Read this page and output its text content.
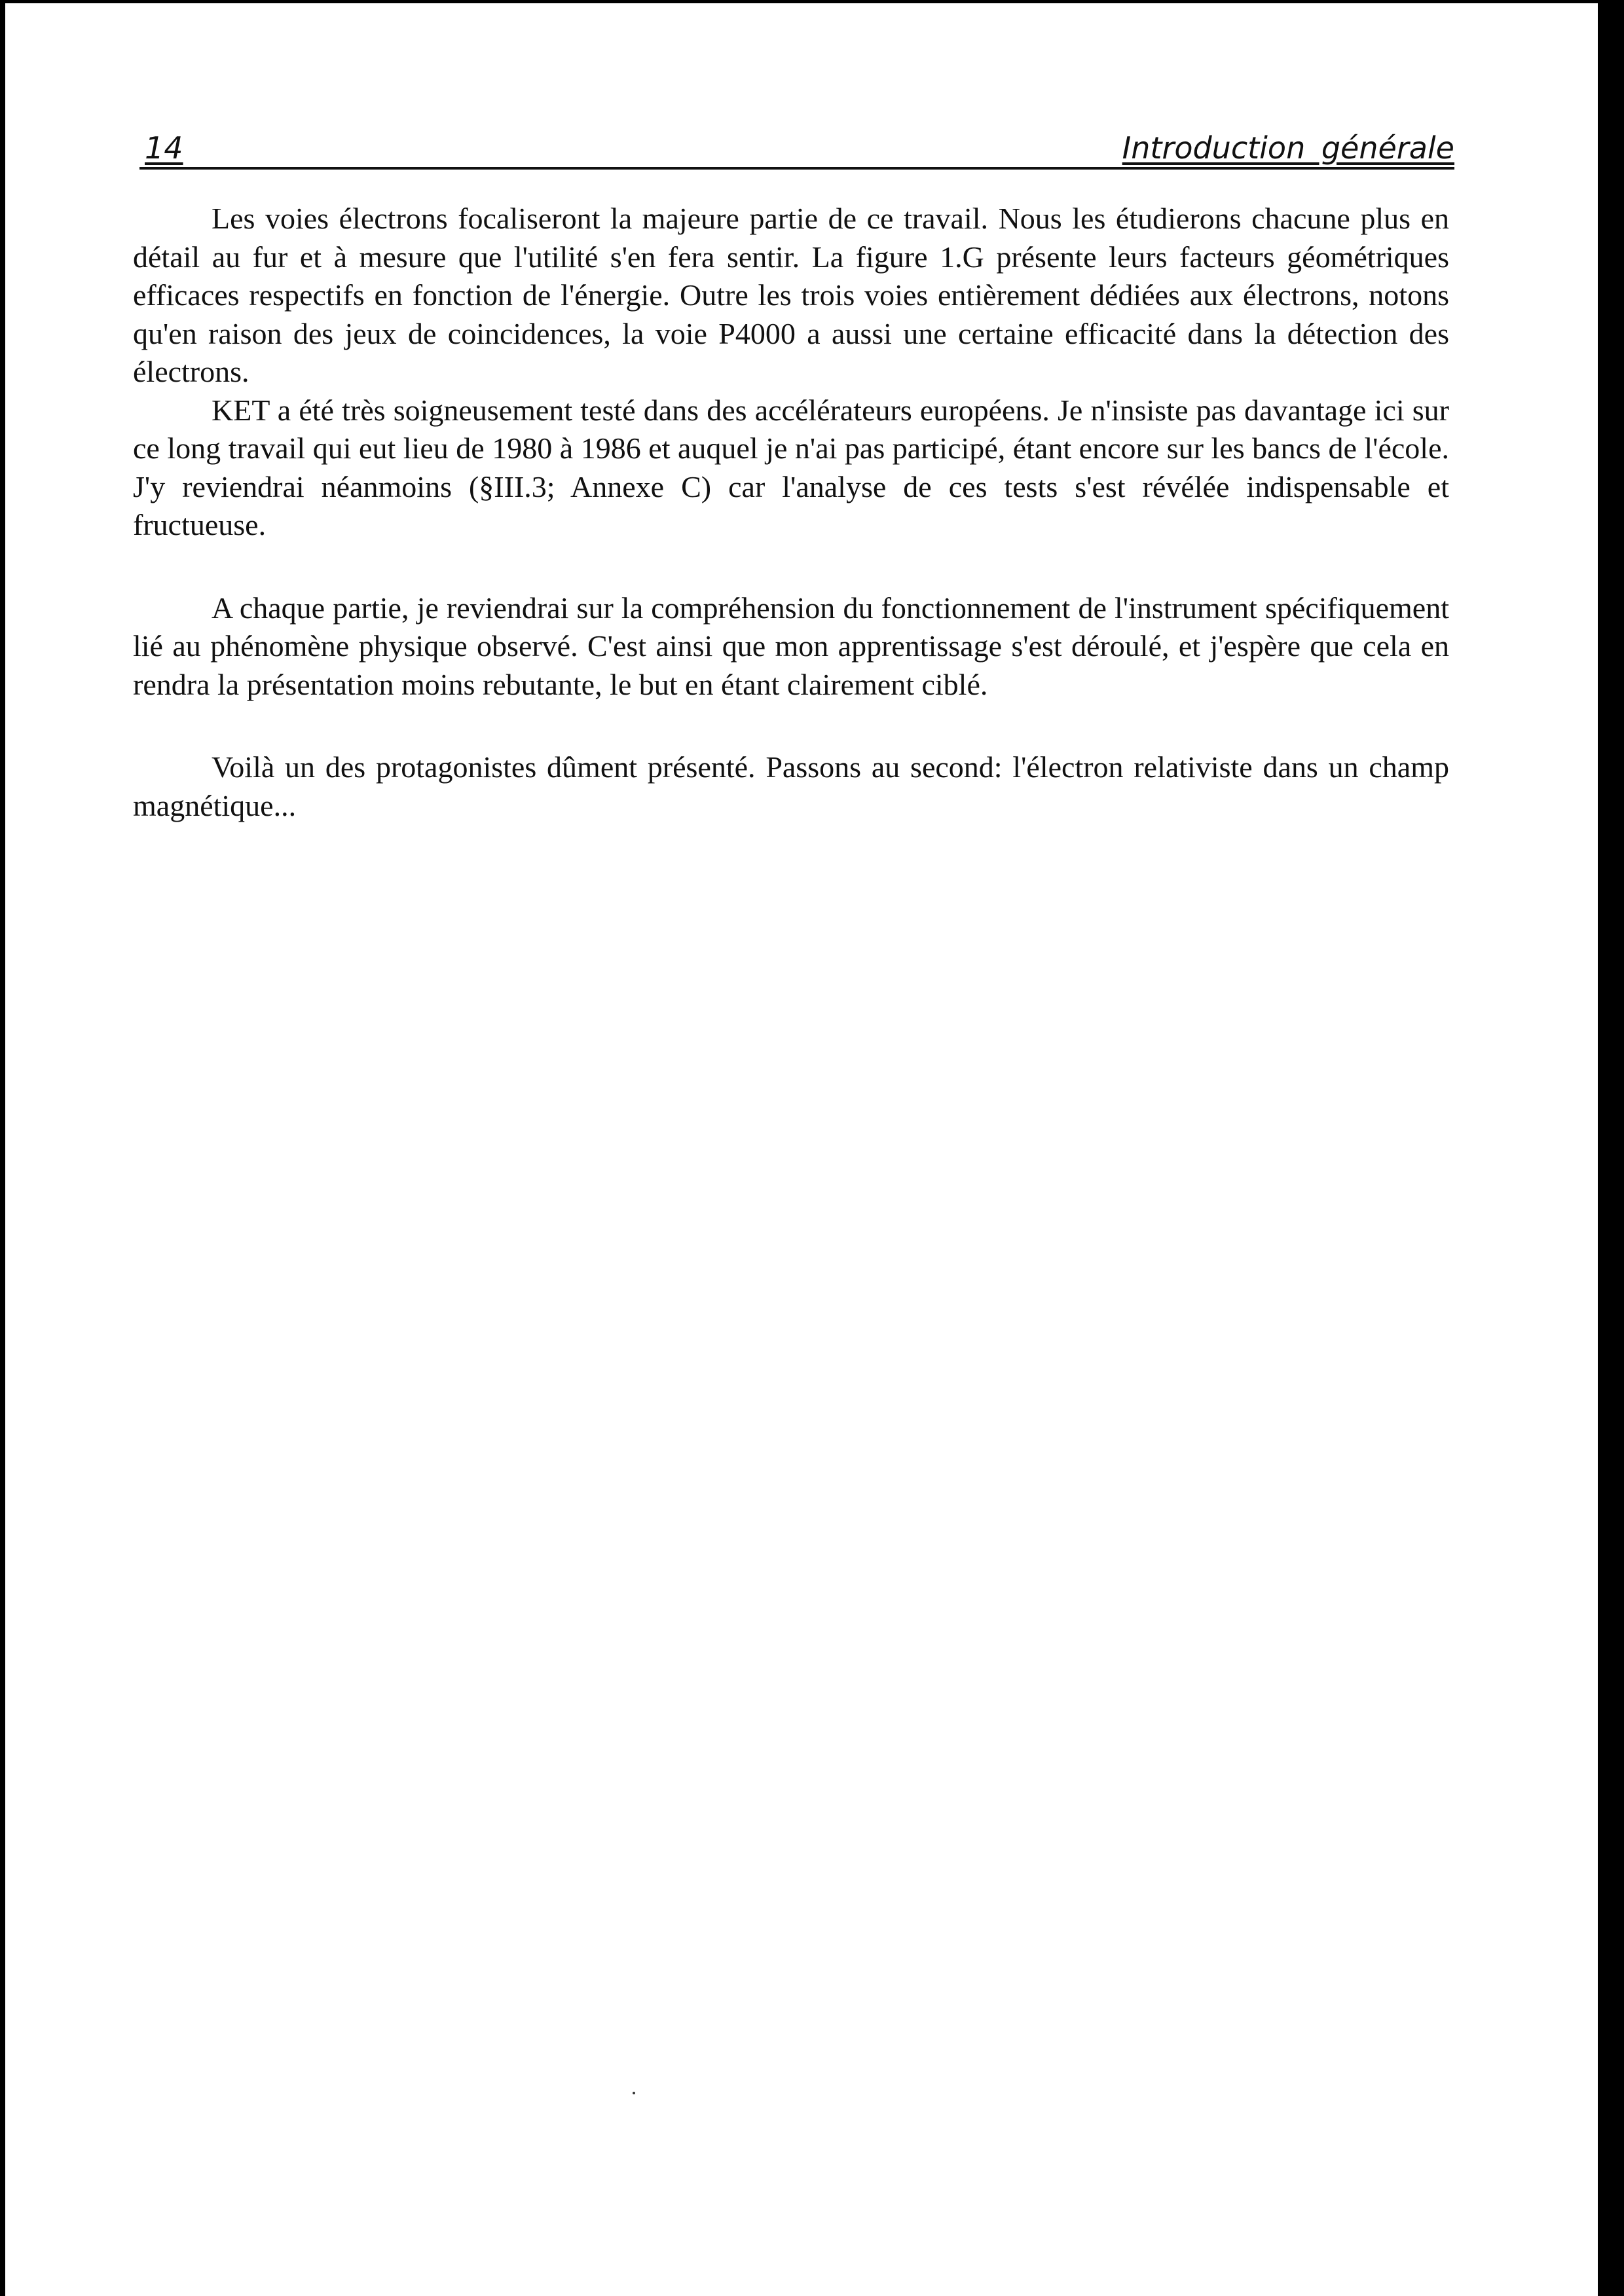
14	Introduction générale

Les voies électrons focaliseront la majeure partie de ce travail. Nous les étudierons chacune plus en détail au fur et à mesure que l'utilité s'en fera sentir. La figure 1.G présente leurs facteurs géométriques efficaces respectifs en fonction de l'énergie. Outre les trois voies entièrement dédiées aux électrons, notons qu'en raison des jeux de coincidences, la voie P4000 a aussi une certaine efficacité dans la détection des électrons.

KET a été très soigneusement testé dans des accélérateurs européens. Je n'insiste pas davantage ici sur ce long travail qui eut lieu de 1980 à 1986 et auquel je n'ai pas participé, étant encore sur les bancs de l'école. J'y reviendrai néanmoins (§III.3; Annexe C) car l'analyse de ces tests s'est révélée indispensable et fructueuse.

A chaque partie, je reviendrai sur la compréhension du fonctionnement de l'instrument spécifiquement lié au phénomène physique observé. C'est ainsi que mon apprentissage s'est déroulé, et j'espère que cela en rendra la présentation moins rebutante, le but en étant clairement ciblé.

Voilà un des protagonistes dûment présenté. Passons au second: l'électron relativiste dans un champ magnétique...
